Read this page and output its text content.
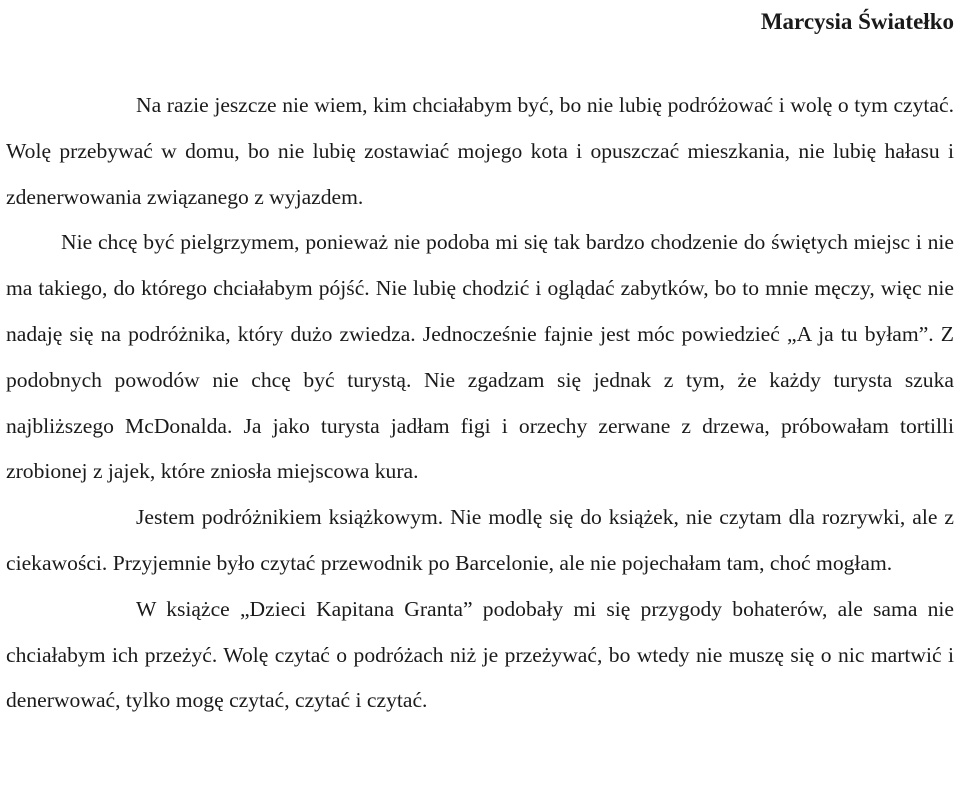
Marcysia Światełko

Na razie jeszcze nie wiem, kim chciałabym być, bo nie lubię podróżować i wolę o tym czytać. Wolę przebywać w domu, bo nie lubię zostawiać mojego kota i opuszczać mieszkania, nie lubię hałasu i zdenerwowania związanego z wyjazdem.

Nie chcę być pielgrzymem, ponieważ nie podoba mi się tak bardzo chodzenie do świętych miejsc i nie ma takiego, do którego chciałabym pójść. Nie lubię chodzić i oglądać zabytków, bo to mnie męczy, więc nie nadaję się na podróżnika, który dużo zwiedza. Jednocześnie fajnie jest móc powiedzieć „A ja tu byłam”. Z podobnych powodów nie chcę być turystą. Nie zgadzam się jednak z tym, że każdy turysta szuka najbliższego McDonalda. Ja jako turysta jadłam figi i orzechy zerwane z drzewa, próbowałam tortilli zrobionej z jajek, które zniosła miejscowa kura.

Jestem podróżnikiem książkowym. Nie modlę się do książek, nie czytam dla rozrywki, ale z ciekawości. Przyjemnie było czytać przewodnik po Barcelonie, ale nie pojechałam tam, choć mogłam.

W książce „Dzieci Kapitana Granta” podobały mi się przygody bohaterów, ale sama nie chciałabym ich przeżyć. Wolę czytać o podróżach niż je przeżywać, bo wtedy nie muszę się o nic martwić i denerwować, tylko mogę czytać, czytać i czytać.
